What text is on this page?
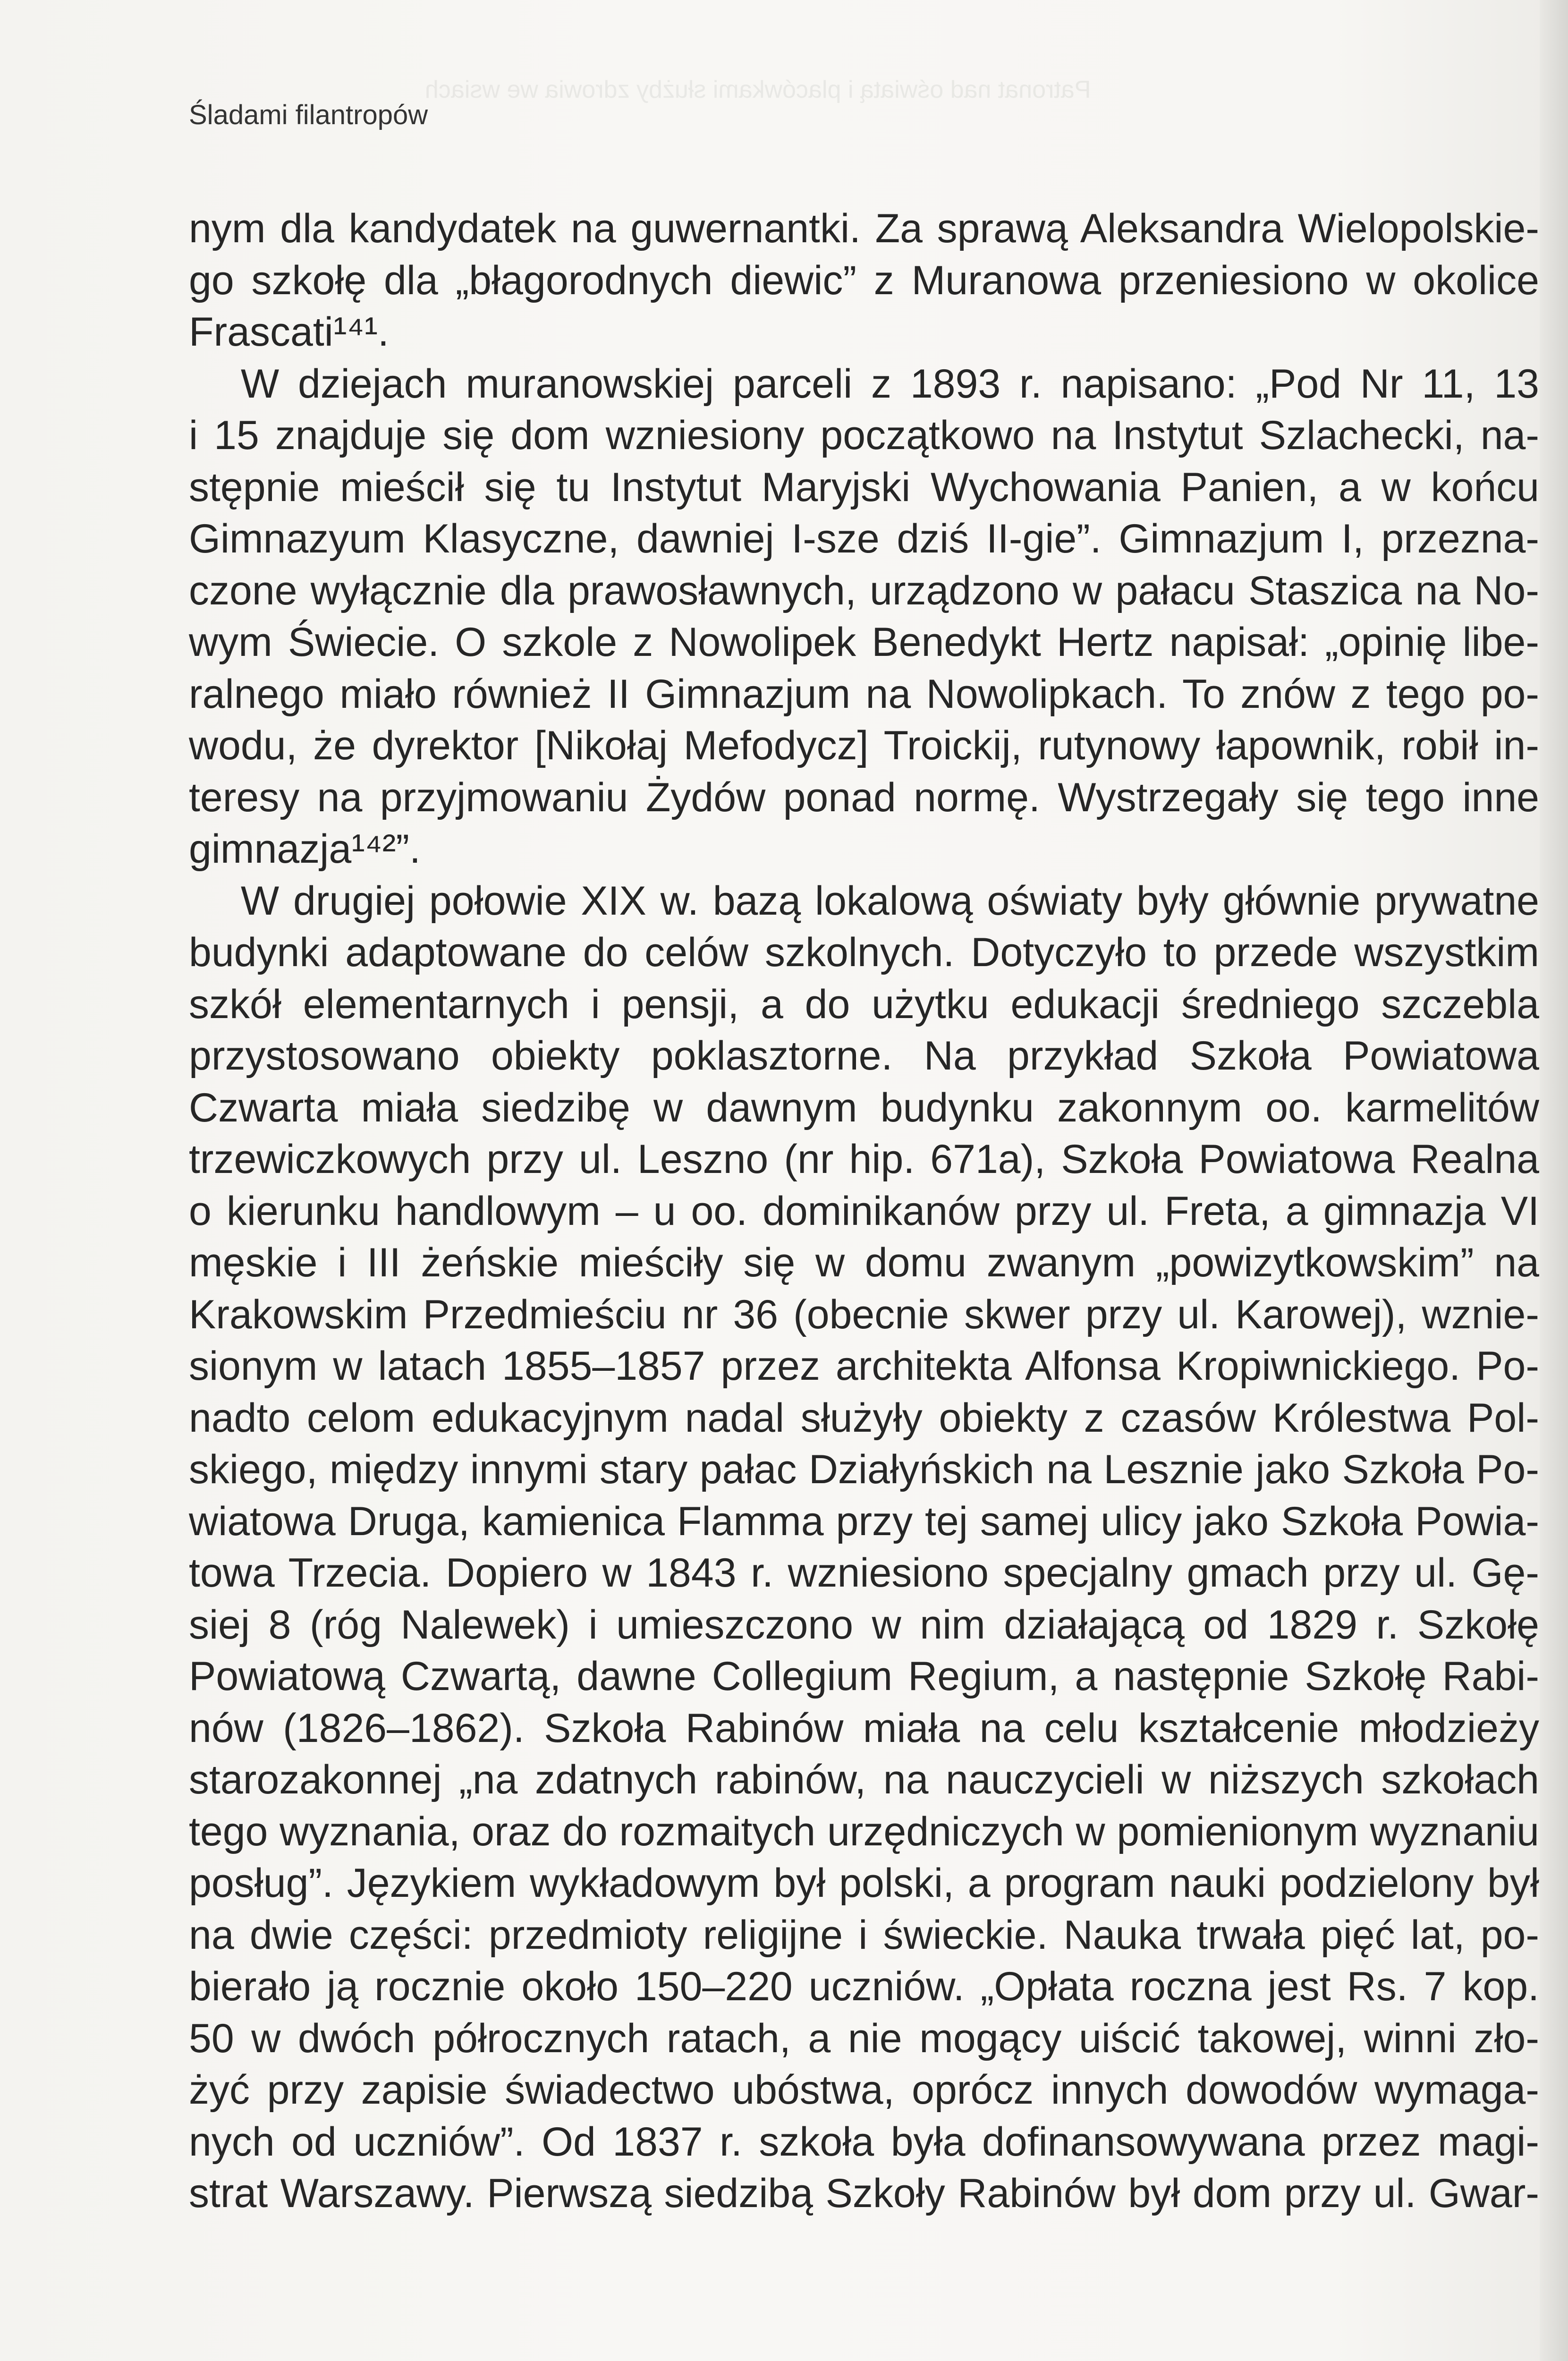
Patronat nad oświatą i placówkami służby zdrowia we wsiach
Śladami filantropów
nym dla kandydatek na guwernantki. Za sprawą Aleksandra Wielopolskie-
go szkołę dla „błagorodnych diewic” z Muranowa przeniesiono w okolice
Frascati¹⁴¹.
W dziejach muranowskiej parceli z 1893 r. napisano: „Pod Nr 11, 13
i 15 znajduje się dom wzniesiony początkowo na Instytut Szlachecki, na-
stępnie mieścił się tu Instytut Maryjski Wychowania Panien, a w końcu
Gimnazyum Klasyczne, dawniej I-sze dziś II-gie”. Gimnazjum I, przezna-
czone wyłącznie dla prawosławnych, urządzono w pałacu Staszica na No-
wym Świecie. O szkole z Nowolipek Benedykt Hertz napisał: „opinię libe-
ralnego miało również II Gimnazjum na Nowolipkach. To znów z tego po-
wodu, że dyrektor [Nikołaj Mefodycz] Troickij, rutynowy łapownik, robił in-
teresy na przyjmowaniu Żydów ponad normę. Wystrzegały się tego inne
gimnazja¹⁴²”.
W drugiej połowie XIX w. bazą lokalową oświaty były głównie prywatne
budynki adaptowane do celów szkolnych. Dotyczyło to przede wszystkim
szkół elementarnych i pensji, a do użytku edukacji średniego szczebla
przystosowano obiekty poklasztorne. Na przykład Szkoła Powiatowa
Czwarta miała siedzibę w dawnym budynku zakonnym oo. karmelitów
trzewiczkowych przy ul. Leszno (nr hip. 671a), Szkoła Powiatowa Realna
o kierunku handlowym – u oo. dominikanów przy ul. Freta, a gimnazja VI
męskie i III żeńskie mieściły się w domu zwanym „powizytkowskim” na
Krakowskim Przedmieściu nr 36 (obecnie skwer przy ul. Karowej), wznie-
sionym w latach 1855–1857 przez architekta Alfonsa Kropiwnickiego. Po-
nadto celom edukacyjnym nadal służyły obiekty z czasów Królestwa Pol-
skiego, między innymi stary pałac Działyńskich na Lesznie jako Szkoła Po-
wiatowa Druga, kamienica Flamma przy tej samej ulicy jako Szkoła Powia-
towa Trzecia. Dopiero w 1843 r. wzniesiono specjalny gmach przy ul. Gę-
siej 8 (róg Nalewek) i umieszczono w nim działającą od 1829 r. Szkołę
Powiatową Czwartą, dawne Collegium Regium, a następnie Szkołę Rabi-
nów (1826–1862). Szkoła Rabinów miała na celu kształcenie młodzieży
starozakonnej „na zdatnych rabinów, na nauczycieli w niższych szkołach
tego wyznania, oraz do rozmaitych urzędniczych w pomienionym wyznaniu
posług”. Językiem wykładowym był polski, a program nauki podzielony był
na dwie części: przedmioty religijne i świeckie. Nauka trwała pięć lat, po-
bierało ją rocznie około 150–220 uczniów. „Opłata roczna jest Rs. 7 kop.
50 w dwóch półrocznych ratach, a nie mogący uiścić takowej, winni zło-
żyć przy zapisie świadectwo ubóstwa, oprócz innych dowodów wymaga-
nych od uczniów”. Od 1837 r. szkoła była dofinansowywana przez magi-
strat Warszawy. Pierwszą siedzibą Szkoły Rabinów był dom przy ul. Gwar-
